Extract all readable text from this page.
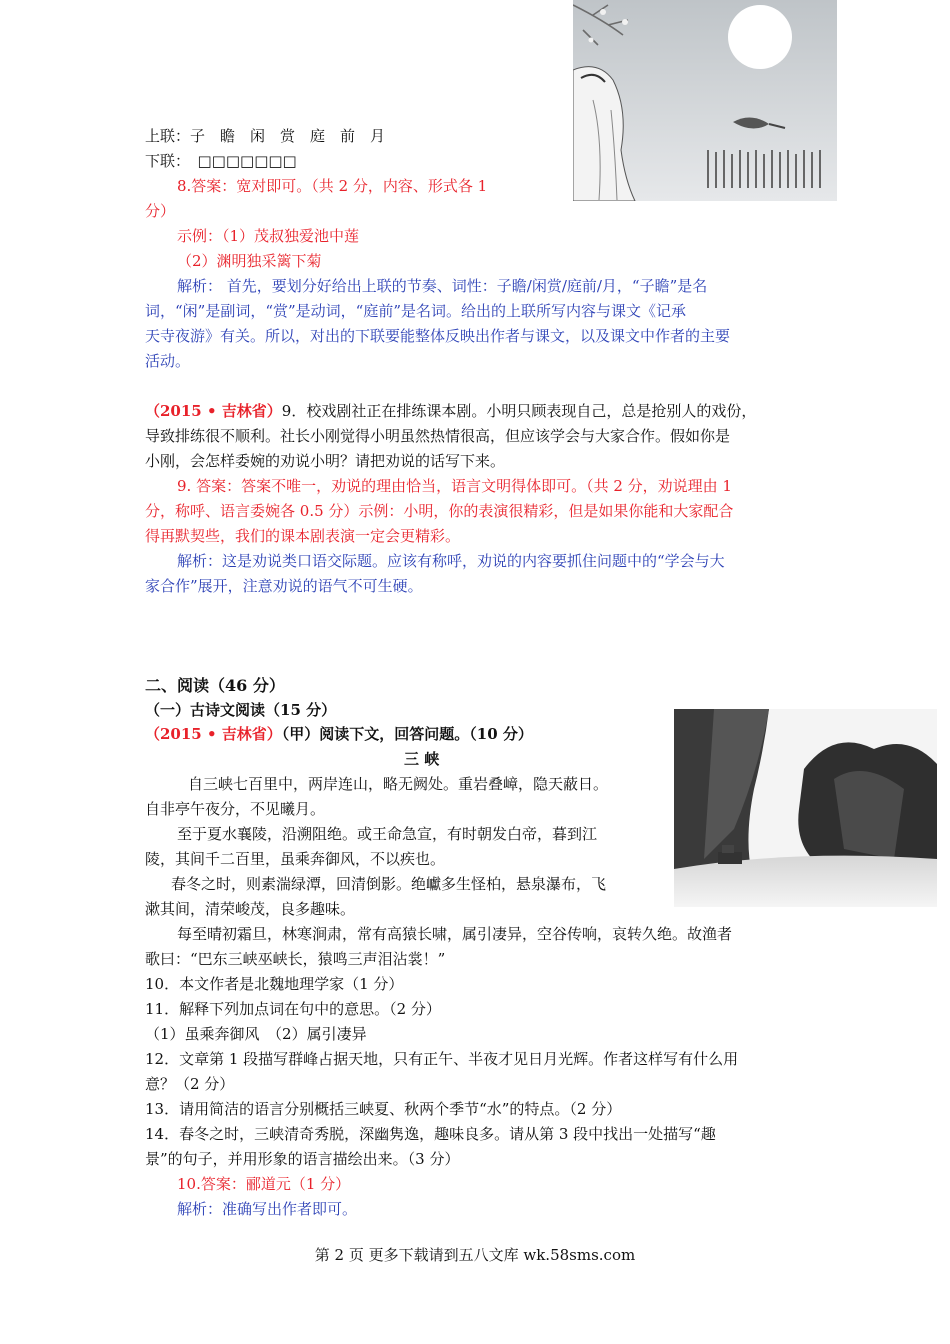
上联：子　瞻　闲　赏　庭　前　月
下联：　□□□□□□□
8.答案：宽对即可。（共 2 分，内容、形式各 1
分）
示例：（1）茂叔独爱池中莲
（2）渊明独采篱下菊
解析： 首先，要划分好给出上联的节奏、词性：子瞻/闲赏/庭前/月，“子瞻”是名
词，“闲”是副词，“赏”是动词，“庭前”是名词。给出的上联所写内容与课文《记承
天寺夜游》有关。所以，对出的下联要能整体反映出作者与课文，以及课文中作者的主要
活动。
（2015 • 吉林省）9．校戏剧社正在排练课本剧。小明只顾表现自己，总是抢别人的戏份，
导致排练很不顺利。社长小刚觉得小明虽然热情很高，但应该学会与大家合作。假如你是
小刚，会怎样委婉的劝说小明？请把劝说的话写下来。
9. 答案：答案不唯一，劝说的理由恰当，语言文明得体即可。（共 2 分，劝说理由 1
分，称呼、语言委婉各 0.5 分）示例：小明，你的表演很精彩，但是如果你能和大家配合
得再默契些，我们的课本剧表演一定会更精彩。
解析：这是劝说类口语交际题。应该有称呼，劝说的内容要抓住问题中的“学会与大
家合作”展开，注意劝说的语气不可生硬。
二、阅读（46 分）
（一）古诗文阅读（15 分）
（2015 • 吉林省）（甲）阅读下文，回答问题。（10 分）
三 峡
自三峡七百里中，两岸连山，略无阙处。重岩叠嶂，隐天蔽日。
自非亭午夜分，不见曦月。
至于夏水襄陵，沿溯阻绝。或王命急宣，有时朝发白帝，暮到江
陵，其间千二百里，虽乘奔御风，不以疾也。
春冬之时，则素湍绿潭，回清倒影。绝巘多生怪柏，悬泉瀑布，飞
漱其间，清荣峻茂，良多趣味。
每至晴初霜旦，林寒涧肃，常有高猿长啸，属引凄异，空谷传响，哀转久绝。故渔者
歌曰：“巴东三峡巫峡长，猿鸣三声泪沾裳！”
10．本文作者是北魏地理学家（1 分）
11．解释下列加点词在句中的意思。（2 分）
（1）虽乘奔御风　（2）属引凄异
12．文章第 1 段描写群峰占据天地，只有正午、半夜才见日月光辉。作者这样写有什么用
意？（2 分）
13．请用简洁的语言分别概括三峡夏、秋两个季节“水”的特点。（2 分）
14．春冬之时，三峡清奇秀脱，深幽隽逸，趣味良多。请从第 3 段中找出一处描写“趣
景”的句子，并用形象的语言描绘出来。（3 分）
10.答案：郦道元（1 分）
解析：准确写出作者即可。
第 2 页 更多下载请到五八文库 wk.58sms.com
